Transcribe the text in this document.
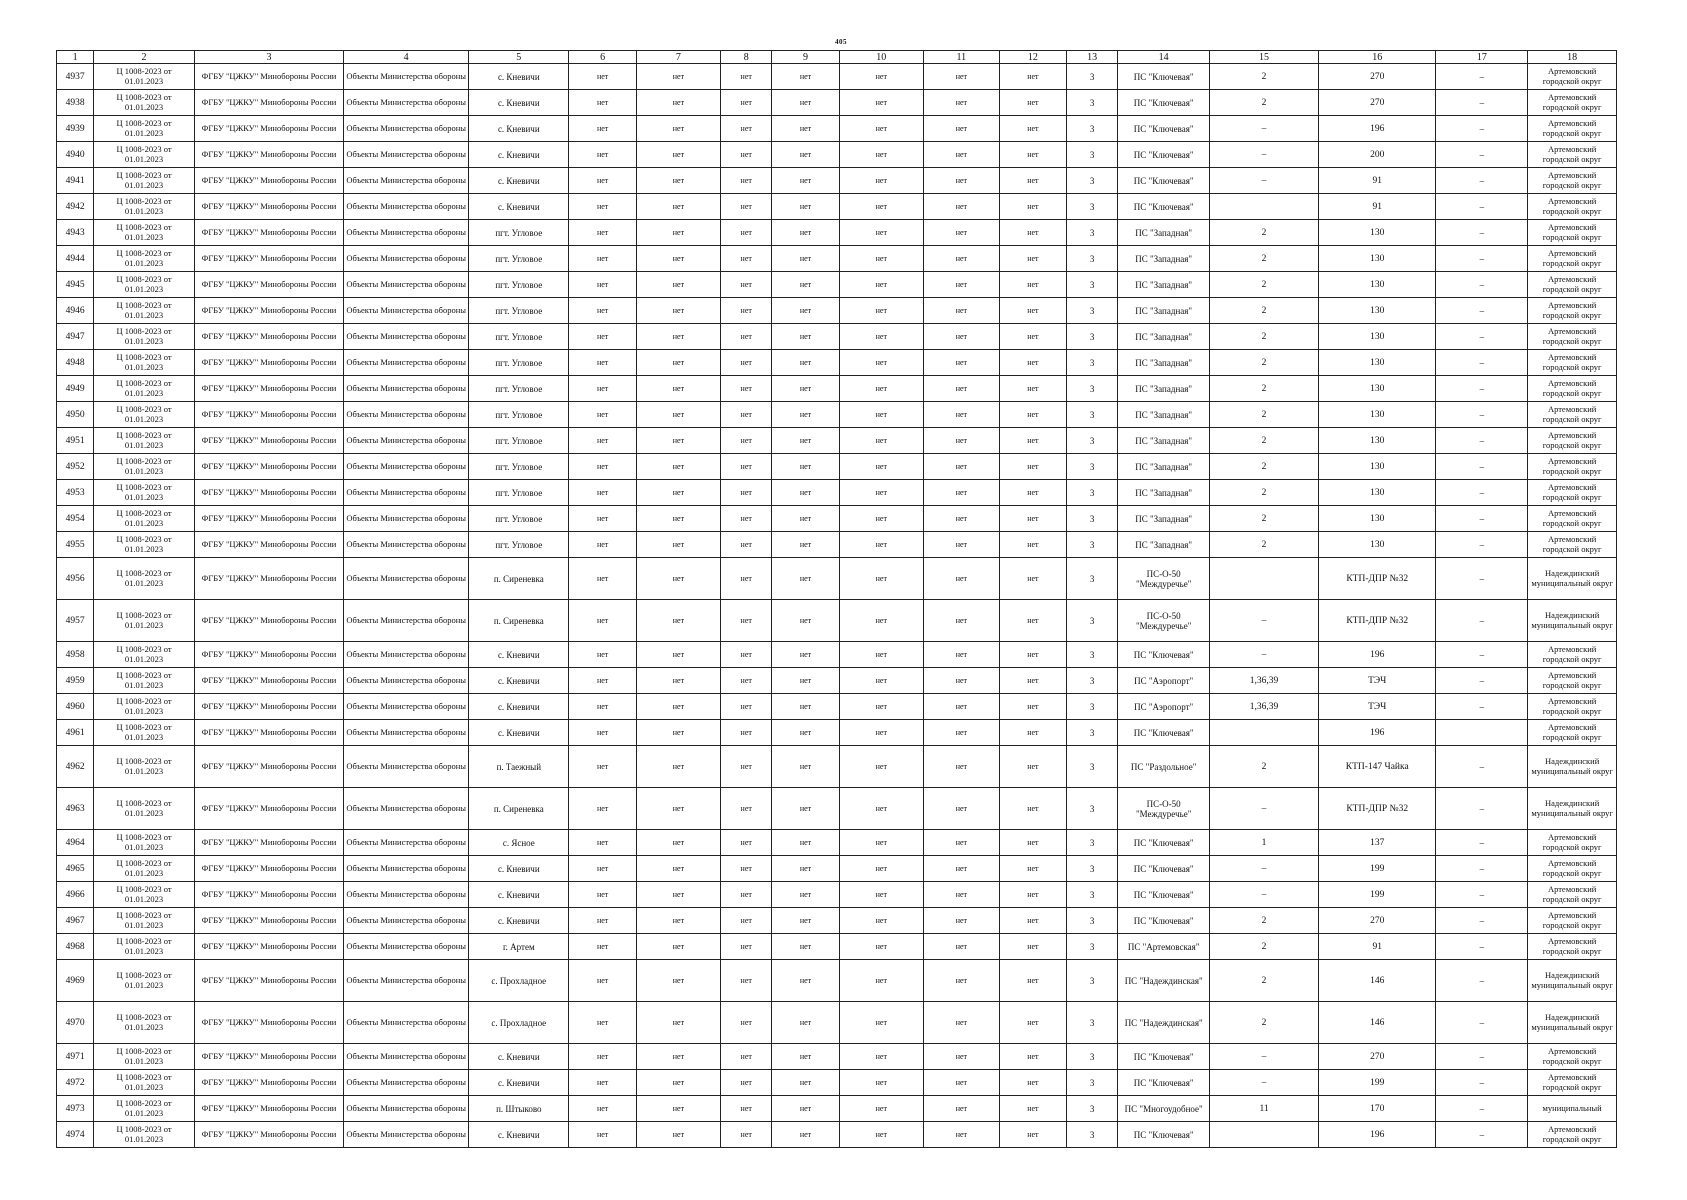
405
1	2	3	4	5	6	7	8	9	10	11	12	13	14	15	16	17	18
4937	Ц 1008-2023 от 01.01.2023	ФГБУ "ЦЖКУ" Минобороны России	Объекты Министерства обороны	с. Кневичи	нет	нет	нет	нет	нет	нет	нет	3	ПС "Ключевая"	2	270	–	Артемовский городской округ
4938	Ц 1008-2023 от 01.01.2023	ФГБУ "ЦЖКУ" Минобороны России	Объекты Министерства обороны	с. Кневичи	нет	нет	нет	нет	нет	нет	нет	3	ПС "Ключевая"	2	270	–	Артемовский городской округ
4939	Ц 1008-2023 от 01.01.2023	ФГБУ "ЦЖКУ" Минобороны России	Объекты Министерства обороны	с. Кневичи	нет	нет	нет	нет	нет	нет	нет	3	ПС "Ключевая"	–	196	–	Артемовский городской округ
4940	Ц 1008-2023 от 01.01.2023	ФГБУ "ЦЖКУ" Минобороны России	Объекты Министерства обороны	с. Кневичи	нет	нет	нет	нет	нет	нет	нет	3	ПС "Ключевая"	–	200	–	Артемовский городской округ
4941	Ц 1008-2023 от 01.01.2023	ФГБУ "ЦЖКУ" Минобороны России	Объекты Министерства обороны	с. Кневичи	нет	нет	нет	нет	нет	нет	нет	3	ПС "Ключевая"	–	91	–	Артемовский городской округ
4942	Ц 1008-2023 от 01.01.2023	ФГБУ "ЦЖКУ" Минобороны России	Объекты Министерства обороны	с. Кневичи	нет	нет	нет	нет	нет	нет	нет	3	ПС "Ключевая"		91	–	Артемовский городской округ
4943	Ц 1008-2023 от 01.01.2023	ФГБУ "ЦЖКУ" Минобороны России	Объекты Министерства обороны	пгт. Угловое	нет	нет	нет	нет	нет	нет	нет	3	ПС "Западная"	2	130	–	Артемовский городской округ
4944	Ц 1008-2023 от 01.01.2023	ФГБУ "ЦЖКУ" Минобороны России	Объекты Министерства обороны	пгт. Угловое	нет	нет	нет	нет	нет	нет	нет	3	ПС "Западная"	2	130	–	Артемовский городской округ
4945	Ц 1008-2023 от 01.01.2023	ФГБУ "ЦЖКУ" Минобороны России	Объекты Министерства обороны	пгт. Угловое	нет	нет	нет	нет	нет	нет	нет	3	ПС "Западная"	2	130	–	Артемовский городской округ
4946	Ц 1008-2023 от 01.01.2023	ФГБУ "ЦЖКУ" Минобороны России	Объекты Министерства обороны	пгт. Угловое	нет	нет	нет	нет	нет	нет	нет	3	ПС "Западная"	2	130	–	Артемовский городской округ
4947	Ц 1008-2023 от 01.01.2023	ФГБУ "ЦЖКУ" Минобороны России	Объекты Министерства обороны	пгт. Угловое	нет	нет	нет	нет	нет	нет	нет	3	ПС "Западная"	2	130	–	Артемовский городской округ
4948	Ц 1008-2023 от 01.01.2023	ФГБУ "ЦЖКУ" Минобороны России	Объекты Министерства обороны	пгт. Угловое	нет	нет	нет	нет	нет	нет	нет	3	ПС "Западная"	2	130	–	Артемовский городской округ
4949	Ц 1008-2023 от 01.01.2023	ФГБУ "ЦЖКУ" Минобороны России	Объекты Министерства обороны	пгт. Угловое	нет	нет	нет	нет	нет	нет	нет	3	ПС "Западная"	2	130	–	Артемовский городской округ
4950	Ц 1008-2023 от 01.01.2023	ФГБУ "ЦЖКУ" Минобороны России	Объекты Министерства обороны	пгт. Угловое	нет	нет	нет	нет	нет	нет	нет	3	ПС "Западная"	2	130	–	Артемовский городской округ
4951	Ц 1008-2023 от 01.01.2023	ФГБУ "ЦЖКУ" Минобороны России	Объекты Министерства обороны	пгт. Угловое	нет	нет	нет	нет	нет	нет	нет	3	ПС "Западная"	2	130	–	Артемовский городской округ
4952	Ц 1008-2023 от 01.01.2023	ФГБУ "ЦЖКУ" Минобороны России	Объекты Министерства обороны	пгт. Угловое	нет	нет	нет	нет	нет	нет	нет	3	ПС "Западная"	2	130	–	Артемовский городской округ
4953	Ц 1008-2023 от 01.01.2023	ФГБУ "ЦЖКУ" Минобороны России	Объекты Министерства обороны	пгт. Угловое	нет	нет	нет	нет	нет	нет	нет	3	ПС "Западная"	2	130	–	Артемовский городской округ
4954	Ц 1008-2023 от 01.01.2023	ФГБУ "ЦЖКУ" Минобороны России	Объекты Министерства обороны	пгт. Угловое	нет	нет	нет	нет	нет	нет	нет	3	ПС "Западная"	2	130	–	Артемовский городской округ
4955	Ц 1008-2023 от 01.01.2023	ФГБУ "ЦЖКУ" Минобороны России	Объекты Министерства обороны	пгт. Угловое	нет	нет	нет	нет	нет	нет	нет	3	ПС "Западная"	2	130	–	Артемовский городской округ
4956	Ц 1008-2023 от 01.01.2023	ФГБУ "ЦЖКУ" Минобороны России	Объекты Министерства обороны	п. Сиреневка	нет	нет	нет	нет	нет	нет	нет	3	ПС-О-50 "Междуречье"		КТП-ДПР №32	–	Надеждинский муниципальный округ
4957	Ц 1008-2023 от 01.01.2023	ФГБУ "ЦЖКУ" Минобороны России	Объекты Министерства обороны	п. Сиреневка	нет	нет	нет	нет	нет	нет	нет	3	ПС-О-50 "Междуречье"	–	КТП-ДПР №32	–	Надеждинский муниципальный округ
4958	Ц 1008-2023 от 01.01.2023	ФГБУ "ЦЖКУ" Минобороны России	Объекты Министерства обороны	с. Кневичи	нет	нет	нет	нет	нет	нет	нет	3	ПС "Ключевая"	–	196	–	Артемовский городской округ
4959	Ц 1008-2023 от 01.01.2023	ФГБУ "ЦЖКУ" Минобороны России	Объекты Министерства обороны	с. Кневичи	нет	нет	нет	нет	нет	нет	нет	3	ПС "Аэропорт"	1,36,39	ТЭЧ	–	Артемовский городской округ
4960	Ц 1008-2023 от 01.01.2023	ФГБУ "ЦЖКУ" Минобороны России	Объекты Министерства обороны	с. Кневичи	нет	нет	нет	нет	нет	нет	нет	3	ПС "Аэропорт"	1,36,39	ТЭЧ	–	Артемовский городской округ
4961	Ц 1008-2023 от 01.01.2023	ФГБУ "ЦЖКУ" Минобороны России	Объекты Министерства обороны	с. Кневичи	нет	нет	нет	нет	нет	нет	нет	3	ПС "Ключевая"		196		Артемовский городской округ
4962	Ц 1008-2023 от 01.01.2023	ФГБУ "ЦЖКУ" Минобороны России	Объекты Министерства обороны	п. Таежный	нет	нет	нет	нет	нет	нет	нет	3	ПС "Раздольное"	2	КТП-147 Чайка	–	Надеждинский муниципальный округ
4963	Ц 1008-2023 от 01.01.2023	ФГБУ "ЦЖКУ" Минобороны России	Объекты Министерства обороны	п. Сиреневка	нет	нет	нет	нет	нет	нет	нет	3	ПС-О-50 "Междуречье"	–	КТП-ДПР №32	–	Надеждинский муниципальный округ
4964	Ц 1008-2023 от 01.01.2023	ФГБУ "ЦЖКУ" Минобороны России	Объекты Министерства обороны	с. Ясное	нет	нет	нет	нет	нет	нет	нет	3	ПС "Ключевая"	1	137	–	Артемовский городской округ
4965	Ц 1008-2023 от 01.01.2023	ФГБУ "ЦЖКУ" Минобороны России	Объекты Министерства обороны	с. Кневичи	нет	нет	нет	нет	нет	нет	нет	3	ПС "Ключевая"	–	199	–	Артемовский городской округ
4966	Ц 1008-2023 от 01.01.2023	ФГБУ "ЦЖКУ" Минобороны России	Объекты Министерства обороны	с. Кневичи	нет	нет	нет	нет	нет	нет	нет	3	ПС "Ключевая"	–	199	–	Артемовский городской округ
4967	Ц 1008-2023 от 01.01.2023	ФГБУ "ЦЖКУ" Минобороны России	Объекты Министерства обороны	с. Кневичи	нет	нет	нет	нет	нет	нет	нет	3	ПС "Ключевая"	2	270	–	Артемовский городской округ
4968	Ц 1008-2023 от 01.01.2023	ФГБУ "ЦЖКУ" Минобороны России	Объекты Министерства обороны	г. Артем	нет	нет	нет	нет	нет	нет	нет	3	ПС "Артемовская"	2	91	–	Артемовский городской округ
4969	Ц 1008-2023 от 01.01.2023	ФГБУ "ЦЖКУ" Минобороны России	Объекты Министерства обороны	с. Прохладное	нет	нет	нет	нет	нет	нет	нет	3	ПС "Надеждинская"	2	146	–	Надеждинский муниципальный округ
4970	Ц 1008-2023 от 01.01.2023	ФГБУ "ЦЖКУ" Минобороны России	Объекты Министерства обороны	с. Прохладное	нет	нет	нет	нет	нет	нет	нет	3	ПС "Надеждинская"	2	146	–	Надеждинский муниципальный округ
4971	Ц 1008-2023 от 01.01.2023	ФГБУ "ЦЖКУ" Минобороны России	Объекты Министерства обороны	с. Кневичи	нет	нет	нет	нет	нет	нет	нет	3	ПС "Ключевая"	–	270	–	Артемовский городской округ
4972	Ц 1008-2023 от 01.01.2023	ФГБУ "ЦЖКУ" Минобороны России	Объекты Министерства обороны	с. Кневичи	нет	нет	нет	нет	нет	нет	нет	3	ПС "Ключевая"	–	199	–	Артемовский городской округ
4973	Ц 1008-2023 от 01.01.2023	ФГБУ "ЦЖКУ" Минобороны России	Объекты Министерства обороны	п. Штыково	нет	нет	нет	нет	нет	нет	нет	3	ПС "Многоудобное"	11	170	–	муниципальный
4974	Ц 1008-2023 от 01.01.2023	ФГБУ "ЦЖКУ" Минобороны России	Объекты Министерства обороны	с. Кневичи	нет	нет	нет	нет	нет	нет	нет	3	ПС "Ключевая"		196	–	Артемовский городской округ
